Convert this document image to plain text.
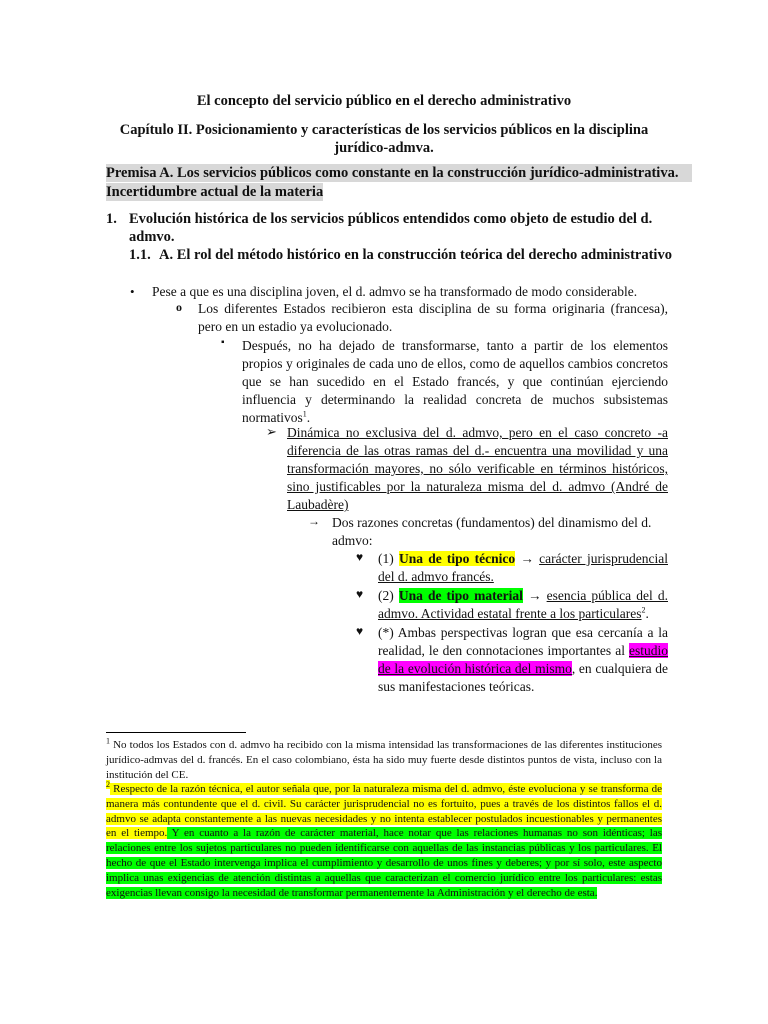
El concepto del servicio público en el derecho administrativo
Capítulo II. Posicionamiento y características de los servicios públicos en la disciplina
jurídico-admva.
Premisa A. Los servicios públicos como constante en la construcción jurídico-administrativa.
Incertidumbre actual de la materia
1. Evolución histórica de los servicios públicos entendidos como objeto de estudio del d.
admvo.
1.1. A. El rol del método histórico en la construcción teórica del derecho administrativo
• Pese a que es una disciplina joven, el d. admvo se ha transformado de modo considerable.
o Los diferentes Estados recibieron esta disciplina de su forma originaria (francesa), pero en un estadio ya evolucionado.
▪ Después, no ha dejado de transformarse, tanto a partir de los elementos propios y originales de cada uno de ellos, como de aquellos cambios concretos que se han sucedido en el Estado francés, y que continúan ejerciendo influencia y determinando la realidad concreta de muchos subsistemas normativos$^1$.
➢ Dinámica no exclusiva del d. admvo, pero en el caso concreto -a diferencia de las otras ramas del d.- encuentra una movilidad y una transformación mayores, no sólo verificable en términos históricos, sino justificables por la naturaleza misma del d. admvo (André de Laubadère)
→ Dos razones concretas (fundamentos) del dinamismo del d. admvo:
♥ (1) Una de tipo técnico → carácter jurisprudencial del d. admvo francés.
♥ (2) Una de tipo material → esencia pública del d. admvo. Actividad estatal frente a los particulares$^2$.
♥ (*) Ambas perspectivas logran que esa cercanía a la realidad, le den connotaciones importantes al estudio de la evolución histórica del mismo, en cualquiera de sus manifestaciones teóricas.
$^1$ No todos los Estados con d. admvo ha recibido con la misma intensidad las transformaciones de las diferentes instituciones jurídico-admvas del d. francés. En el caso colombiano, ésta ha sido muy fuerte desde distintos puntos de vista, incluso con la institución del CE.
$^2$ Respecto de la razón técnica, el autor señala que, por la naturaleza misma del d. admvo, éste evoluciona y se transforma de manera más contundente que el d. civil. Su carácter jurisprudencial no es fortuito, pues a través de los distintos fallos el d. admvo se adapta constantemente a las nuevas necesidades y no intenta establecer postulados incuestionables y permanentes en el tiempo. Y en cuanto a la razón de carácter material, hace notar que las relaciones humanas no son idénticas; las relaciones entre los sujetos particulares no pueden identificarse con aquellas de las instancias públicas y los particulares. El hecho de que el Estado intervenga implica el cumplimiento y desarrollo de unos fines y deberes; y por sí solo, este aspecto implica unas exigencias de atención distintas a aquellas que caracterizan el comercio jurídico entre los particulares: estas exigencias llevan consigo la necesidad de transformar permanentemente la Administración y el derecho de esta.
